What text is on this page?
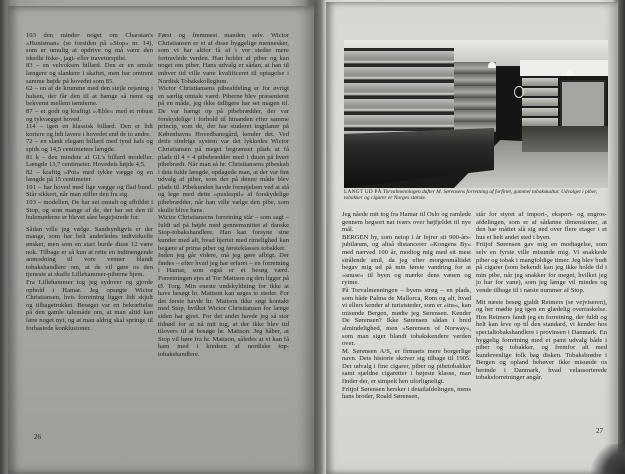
103 den minder noget om Charatan's »Huntsman« (se forsiden på »Stop« nr. 14), som er umulig at opdrive og må være den ideelle fiske-, jagt- eller traveturspibe.

83 – en velvoksen billard. Den er en smule længere og slankere i skaftet, men har omtrent samme højde på hovedet som 85.

62 – en af de krumme med den stejle rejsning i halsen, der får den til at hænge så nemt og bekvemt mellem tænderne.

87 – et godt og kraftigt »Æble« med et robust og tykvægget hoved.

114 – igen en klassisk billard. Den er lidt kortere og lidt lavere i hovedet end de to andre.

72 – en slank elegant billard med tynd hals og spids og 14,5 centimeters længde.

81 k – den mindste af GL's billard modeller. Længde 13,7 centimeter. Hovedets højde 4,5.

82 – kraftig »Pot« med tykke vægge og en længde på 15 centimeter.

101 – har hoved med lige vægge og flad bund. Står sikkert, når man stiller den fra sig.

103 – modellen, De har set omtalt og afbildet i Stop, og som mange af de, der har set den til bulemøderne er blevet såre begejstrede for.

Sådan ville jeg vælge. Sandsynligvis er der mange, som har helt anderledes individuelle ønsker, men som en start burde disse 12 være nok. Tilbage er så kun at rette en indtrængende anmodning til vore venner blandt tobakshandlere om, at de vil gøre os den tjeneste at skaffe Lillehammer-piberne hjem.

Fra Lillehammer tog jeg sydover og gjorde ophold i Hamar. Jeg opsøgte Wictor Christiansen, hvis forretning ligger lidt skjult og tilbagetrukket. Besøget var en bekræftelse på den gamle talemåde om, at man altid kan lære noget nyt, og at man aldrig skal springe til forhastede konklusioner.

Først og fremmest manden selv. Wictor Christiansen er et af disse hyggelige mennesker, som vi har altfor få af i vor stedse mere fortravlede verden. Han holder af piber og kan noget om piber. Hans udvalg er sådan, at han til enhver tid ville være kvalificeret til optagelse i Nordisk Tobakskollegium.

Wictor Christiansens pibeafdeling er for øvrigt en særlig omtale værd. Piberne blev præsenteret på en måde, jeg ikke tidligere har set magen til. De var hængt op på pibebrædder, der var forskydelige i forhold til hinanden efter samme princip, som de, der har studeret togplaner på Københavns Hovedbanegård, kender det. Ved dette sindrige system var det lykkedes Wictor Christiansen på meget begrænset plads at få plads til 4 × 4 pibebrædder med 1 dusin på hvert pibebrædt. Når man så hr. Christiansens pibeskab i dets fulde længde, opdagede man, at der var fint udvalg af piber, som der på denne måde blev plads til. Pibekunden havde fornøjelsen ved at stå og lege med dette »puslespil« af forskydelige pibebrædder, når han ville vælge den pibe, som skulle blive hans.

Wictor Christiansens forretning står – som sagt – fuldt ud på højde med gennemsnittet af danske Stop-tobakshandlere. Han kan forsyne sine kunder med alt, hvad hjertet med rimelighed kan begære af prima piber og førsteklasses tobakker.

Inden jeg går videre, må jeg gøre afbigt. Der findes – efter hvad jeg har erfaret – en forretning i Hamar, som også er et besøg værd. Forretningen ejes af Tor Mattson og den ligger på Ø. Torg. Min eneste undskyldning for ikke at have besøgt hr. Mattson kan søges to steder. For det første havde hr. Mattson ikke søgt kontakt med Stop, hvilket Wictor Christiansen for længe siden har gjort. For det andet havde jeg så stor tidnød for at nå mit tog, at der ikke blev tid tilovers til at besøge hr. Mattson. Jeg håber, at Stop vil høre fra hr. Mattson, således at vi kan få ham med i kredsen af nordiske top-tobakshandlere.

26
LANGT UD PÅ Torvalmenningen dufter M. Sørensens forretning af forfinet, gammel tobakskultur. Udvalget i piber, tobakker og cigarer er Norges største.

Jeg nåede mit tog fra Hamar til Oslo og ramlede gennem begsort nat tværs over højfjeldet til nye mål.

BERGEN by, som netop i år fejrer sit 900-års-jubilæum, og altså distancerer »Kongens By« med nærved 100 år, modtog mig med sit mest strålende smil, da jeg efter morgenmåltidet begav mig ud på min første vandring for at »snuse« til byen og mærke dens væsen og rytme.

På Torvalmenningen – byens strøg – en plads, som både Palma de Mallorca, Rom og alt, hvad vi ellers kender af turiststeder, som er »ins«, kan misunde Bergen, mødte jeg Sørensen. Kender De Sørensen? Ikke Sørensen sådan i bred almindelighed, men »Sørensen of Norway«, som man siger blandt tobakskendere verden over.

M. Sørensen A/S, er firmaets mere borgerlige navn. Dets historie skriver sig tilbage til 1905. Det udvalg i fine cigarer, piber og pibetobakker samt sjældne cigaretter i højeste klasse, man finder der, er simpelt hen uforligneligt.

Fritjof Sørensen hersker i detailafdelingen, mens hans broder, Roald Sørensen,

står for styret af import-, eksport- og engros-afdelingen, som er af sådanne dimensioner, at den har måttet slå sig ned over flere etager i et hus et helt andet sted i byen.

Fritjof Sørensen gav mig en modtagelse, som selv en fyrste ville misunde mig. Vi snakkede piber og tobak i mangfoldige timer. Jeg blev budt på cigarer (som bekendt kan jeg ikke holde ild i min pibe, når jeg snakker for meget, hvilket jeg jo har for vane), som jeg længe vil mindes og vende tilbage til i næste nummer af Stop.

Mit næste besøg gjaldt Reimers (se vejviseren), og her mødte jeg igen en glædelig overraskelse. Hos Reimers fandt jeg en forretning, der fuldt og helt kan leve op til den standard, vi kender hos specialtobakshandlere i provinsen i Danmark. En hyggelig forretning med et pænt udvalg både i piber og tobakker, og fremfor alt med kundevenlige folk bag disken. Tobaksbrødre i Bergen og opland behøver ikke misunde os herinde i Danmark, hvad velassorterede tobaksforretninger angår.

27
